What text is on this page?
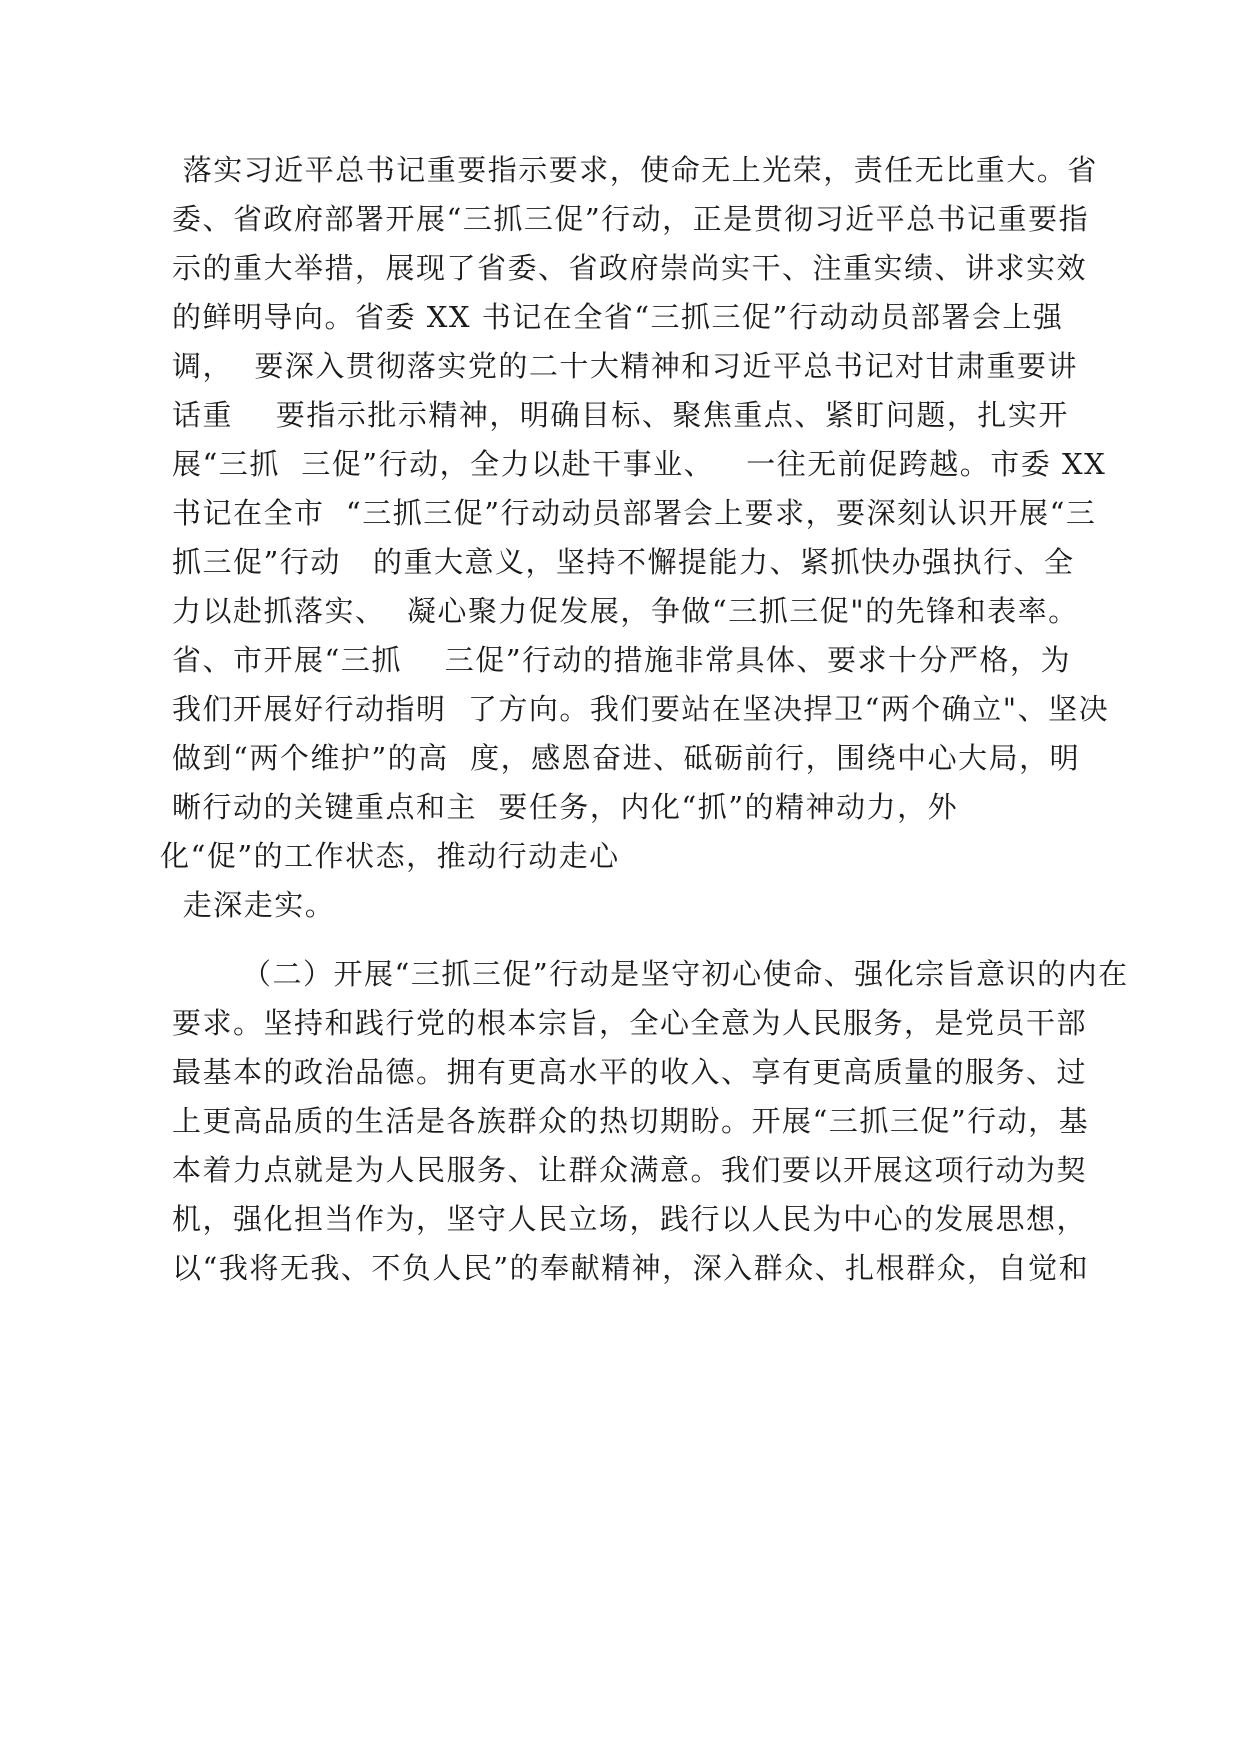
落实习近平总书记重要指示要求，使命无上光荣，责任无比重大。省
委、省政府部署开展“三抓三促”行动，正是贯彻习近平总书记重要指
示的重大举措，展现了省委、省政府崇尚实干、注重实绩、讲求实效
的鲜明导向。省委 XX 书记在全省“三抓三促”行动动员部署会上强
调，  要深入贯彻落实党的二十大精神和习近平总书记对甘肃重要讲
话重    要指示批示精神，明确目标、聚焦重点、紧盯问题，扎实开
展“三抓  三促”行动，全力以赴干事业、   一往无前促跨越。市委 XX
书记在全市  “三抓三促”行动动员部署会上要求，要深刻认识开展“三
抓三促”行动   的重大意义，坚持不懈提能力、紧抓快办强执行、全
力以赴抓落实、  凝心聚力促发展，争做“三抓三促"的先锋和表率。
省、市开展“三抓    三促”行动的措施非常具体、要求十分严格，为
我们开展好行动指明  了方向。我们要站在坚决捍卫“两个确立"、坚决
做到“两个维护”的高  度，感恩奋进、砥砺前行，围绕中心大局，明
晰行动的关键重点和主  要任务，内化“抓”的精神动力，外
化“促”的工作状态，推动行动走心
走深走实。
（二）开展“三抓三促”行动是坚守初心使命、强化宗旨意识的内在
要求。坚持和践行党的根本宗旨，全心全意为人民服务，是党员干部
最基本的政治品德。拥有更高水平的收入、享有更高质量的服务、过
上更高品质的生活是各族群众的热切期盼。开展“三抓三促”行动，基
本着力点就是为人民服务、让群众满意。我们要以开展这项行动为契
机，强化担当作为，坚守人民立场，践行以人民为中心的发展思想，
以“我将无我、不负人民”的奉献精神，深入群众、扎根群众，自觉和
